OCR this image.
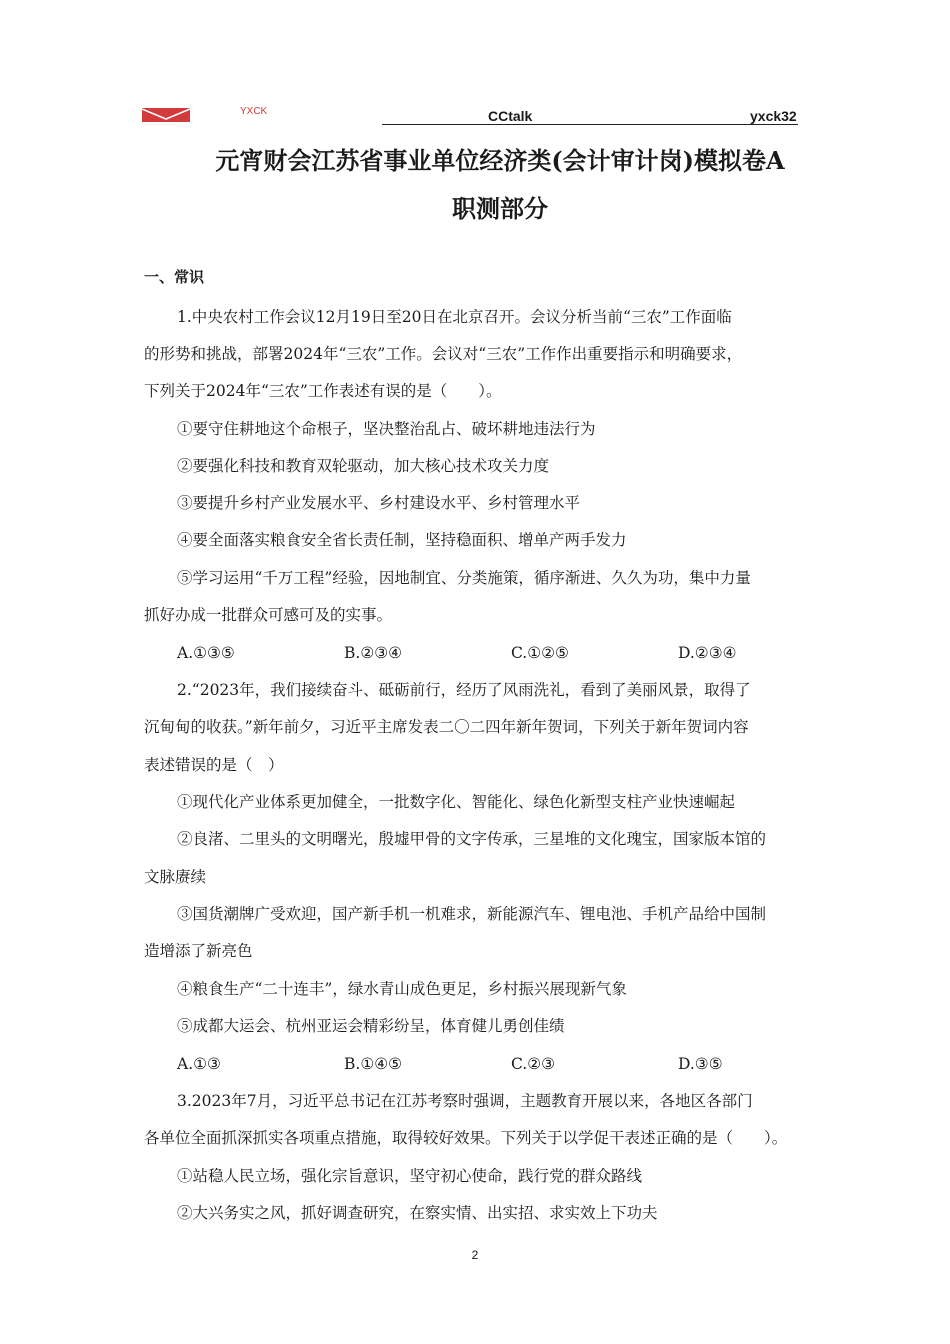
YXCK	CCtalk	yxck32
元宵财会江苏省事业单位经济类(会计审计岗)模拟卷A
职测部分
一、常识
1.中央农村工作会议12月19日至20日在北京召开。会议分析当前“三农”工作面临
的形势和挑战，部署2024年“三农”工作。会议对“三农”工作作出重要指示和明确要求，
下列关于2024年“三农”工作表述有误的是（　　）。
①要守住耕地这个命根子，坚决整治乱占、破坏耕地违法行为
②要强化科技和教育双轮驱动，加大核心技术攻关力度
③要提升乡村产业发展水平、乡村建设水平、乡村管理水平
④要全面落实粮食安全省长责任制，坚持稳面积、增单产两手发力
⑤学习运用“千万工程”经验，因地制宜、分类施策，循序渐进、久久为功，集中力量
抓好办成一批群众可感可及的实事。
A.①③⑤	B.②③④	C.①②⑤	D.②③④
2.“2023年，我们接续奋斗、砥砺前行，经历了风雨洗礼，看到了美丽风景，取得了
沉甸甸的收获。”新年前夕，习近平主席发表二〇二四年新年贺词，下列关于新年贺词内容
表述错误的是（　）
①现代化产业体系更加健全，一批数字化、智能化、绿色化新型支柱产业快速崛起
②良渚、二里头的文明曙光，殷墟甲骨的文字传承，三星堆的文化瑰宝，国家版本馆的
文脉赓续
③国货潮牌广受欢迎，国产新手机一机难求，新能源汽车、锂电池、手机产品给中国制
造增添了新亮色
④粮食生产“二十连丰”，绿水青山成色更足，乡村振兴展现新气象
⑤成都大运会、杭州亚运会精彩纷呈，体育健儿勇创佳绩
A.①③	B.①④⑤	C.②③	D.③⑤
3.2023年7月，习近平总书记在江苏考察时强调，主题教育开展以来，各地区各部门
各单位全面抓深抓实各项重点措施，取得较好效果。下列关于以学促干表述正确的是（　　）。
①站稳人民立场，强化宗旨意识，坚守初心使命，践行党的群众路线
②大兴务实之风，抓好调查研究，在察实情、出实招、求实效上下功夫
2
